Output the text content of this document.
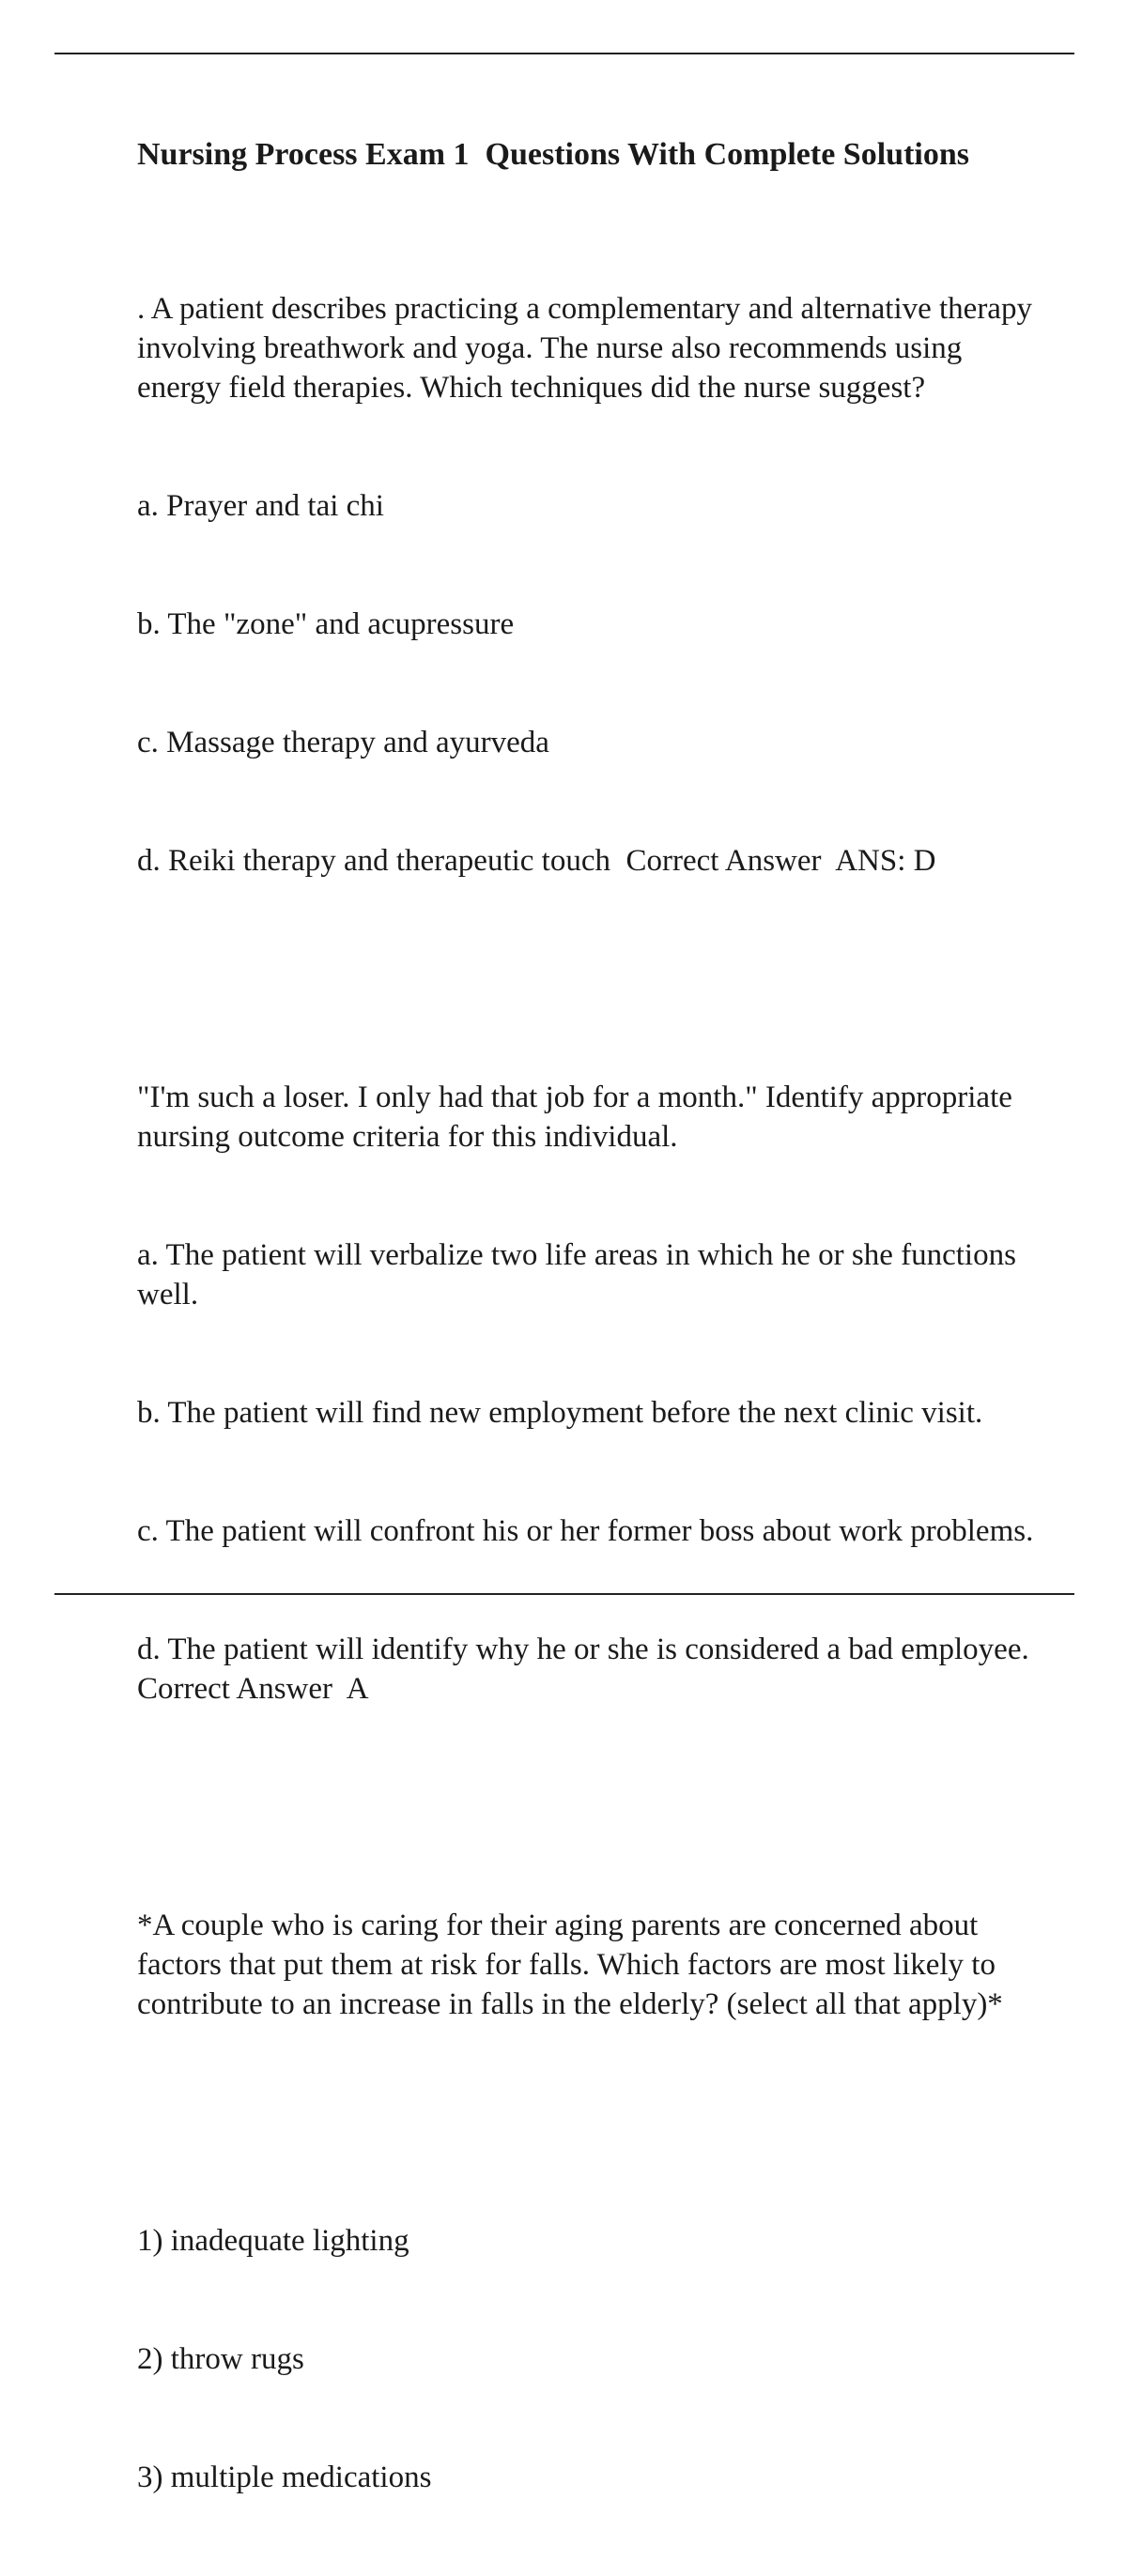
Nursing Process Exam 1  Questions With Complete Solutions

. A patient describes practicing a complementary and alternative therapy involving breathwork and yoga. The nurse also recommends using energy field therapies. Which techniques did the nurse suggest?

a. Prayer and tai chi

b. The "zone" and acupressure

c. Massage therapy and ayurveda

d. Reiki therapy and therapeutic touch  Correct Answer  ANS: D

"I'm such a loser. I only had that job for a month." Identify appropriate nursing outcome criteria for this individual.

a. The patient will verbalize two life areas in which he or she functions well.

b. The patient will find new employment before the next clinic visit.

c. The patient will confront his or her former boss about work problems.

d. The patient will identify why he or she is considered a bad employee.  Correct Answer  A

*A couple who is caring for their aging parents are concerned about factors that put them at risk for falls. Which factors are most likely to contribute to an increase in falls in the elderly? (select all that apply)*

1) inadequate lighting

2) throw rugs

3) multiple medications
